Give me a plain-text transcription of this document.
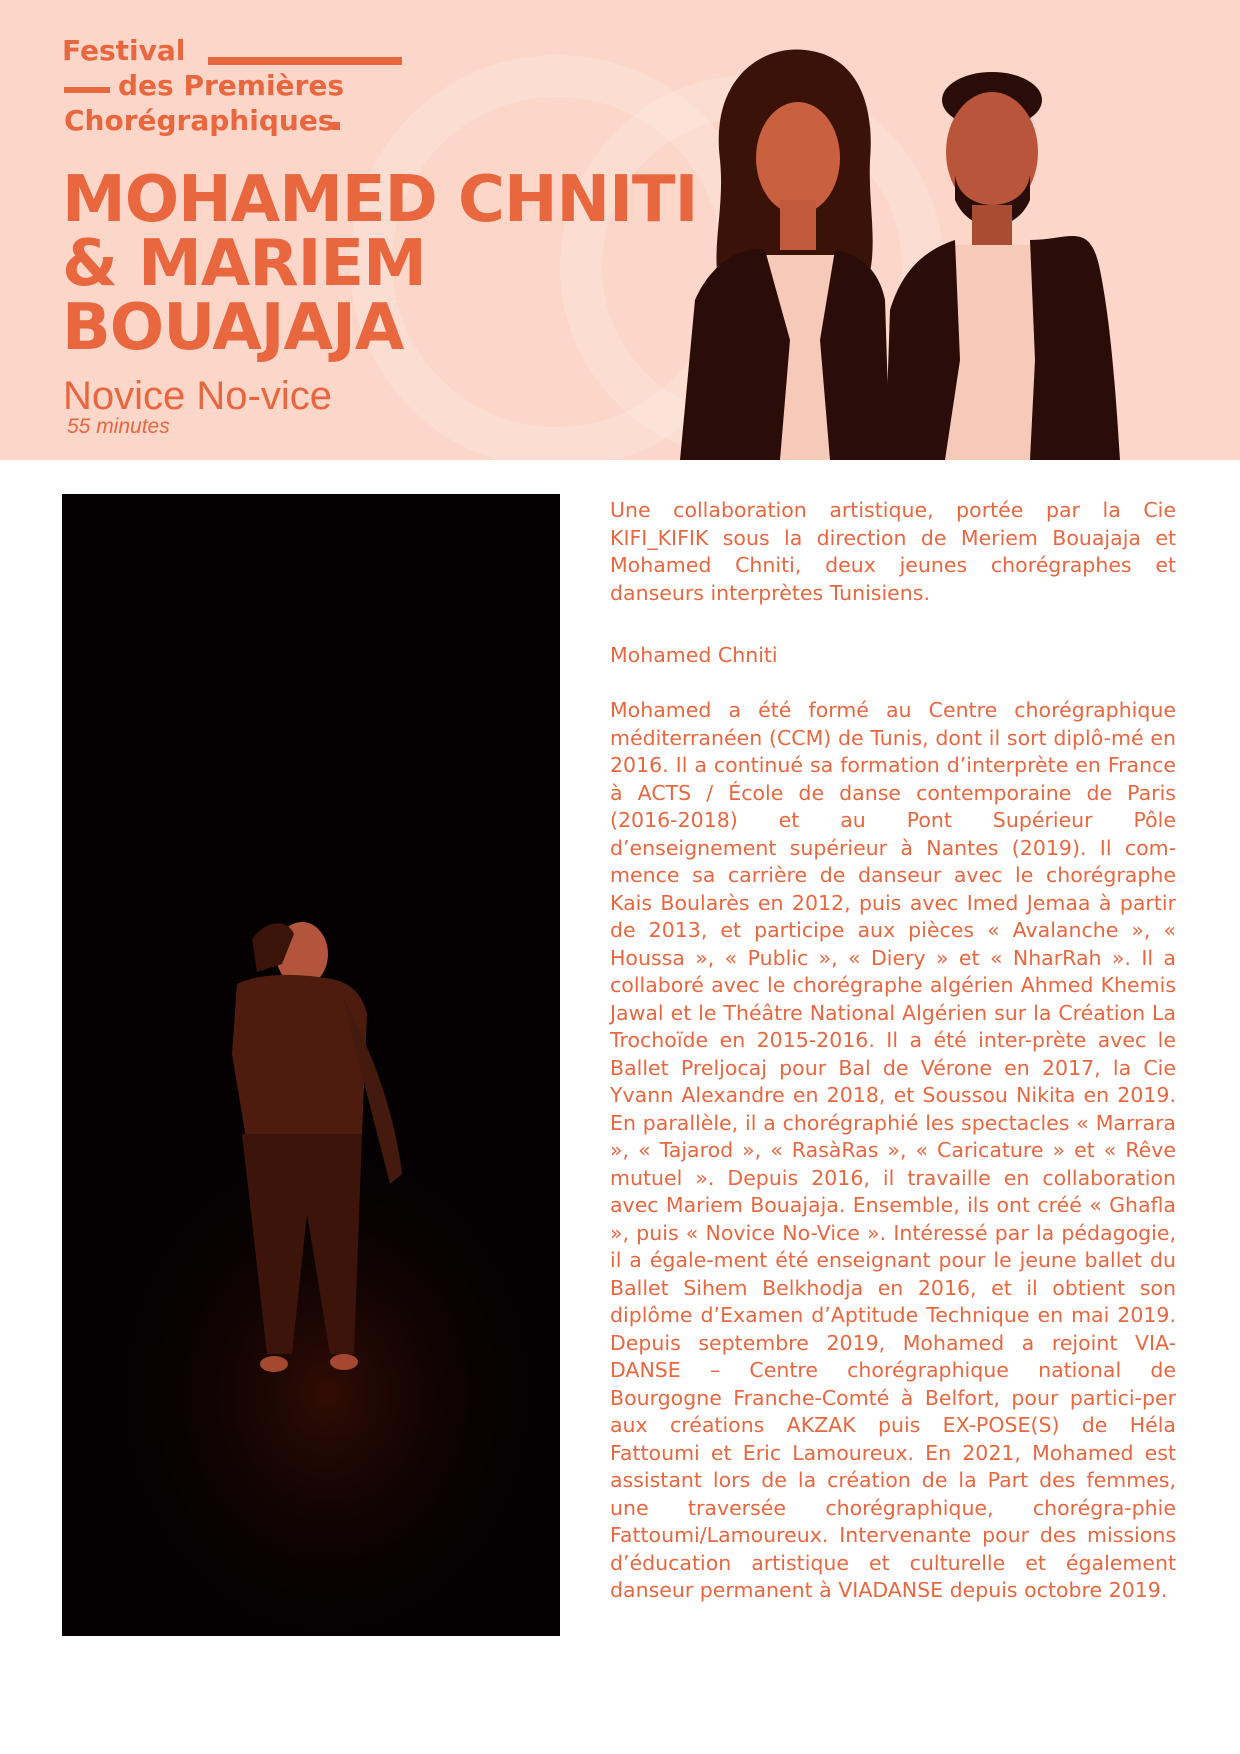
Festival
des Premières
Chorégraphiques
MOHAMED CHNITI
& MARIEM
BOUAJAJA
Novice No-vice
55 minutes

Une collaboration artistique, portée par la Cie KIFI_KIFIK sous la direction de Meriem Bouajaja et Mohamed Chniti, deux jeunes chorégraphes et danseurs interprètes Tunisiens.

Mohamed Chniti

Mohamed a été formé au Centre chorégraphique méditerranéen (CCM) de Tunis, dont il sort diplô-mé en 2016. Il a continué sa formation d’interprète en France à ACTS / École de danse contemporaine de Paris (2016-2018) et au Pont Supérieur Pôle d’enseignement supérieur à Nantes (2019). Il com-mence sa carrière de danseur avec le chorégraphe Kais Boularès en 2012, puis avec Imed Jemaa à partir de 2013, et participe aux pièces « Avalanche », « Houssa », « Public », « Diery » et « NharRah ». Il a collaboré avec le chorégraphe algérien Ahmed Khemis Jawal et le Théâtre National Algérien sur la Création La Trochoïde en 2015-2016. Il a été inter-prète avec le Ballet Preljocaj pour Bal de Vérone en 2017, la Cie Yvann Alexandre en 2018, et Soussou Nikita en 2019. En parallèle, il a chorégraphié les spectacles « Marrara », « Tajarod », « RasàRas », « Caricature » et « Rêve mutuel ». Depuis 2016, il travaille en collaboration avec Mariem Bouajaja. Ensemble, ils ont créé « Ghafla », puis « Novice No-Vice ». Intéressé par la pédagogie, il a égale-ment été enseignant pour le jeune ballet du Ballet Sihem Belkhodja en 2016, et il obtient son diplôme d’Examen d’Aptitude Technique en mai 2019. Depuis septembre 2019, Mohamed a rejoint VIA-DANSE – Centre chorégraphique national de Bourgogne Franche-Comté à Belfort, pour partici-per aux créations AKZAK puis EX-POSE(S) de Héla Fattoumi et Eric Lamoureux. En 2021, Mohamed est assistant lors de la création de la Part des femmes, une traversée chorégraphique, chorégra-phie Fattoumi/Lamoureux. Intervenante pour des missions d’éducation artistique et culturelle et également danseur permanent à VIADANSE depuis octobre 2019.
